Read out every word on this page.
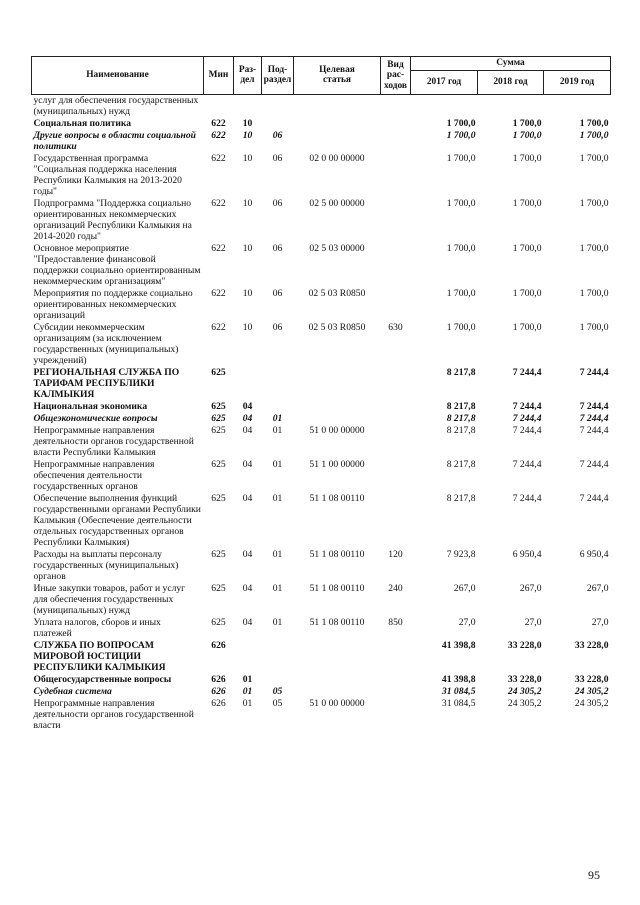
Наименование	Мин	Раз-
дел	Под-
раздел	Целевая
статья	Вид
рас-
ходов	Сумма		
						2017 год	2018 год	2019 год
услуг для обеспечения государственных (муниципальных) нужд								
Социальная политика	622	10				1 700,0	1 700,0	1 700,0
Другие вопросы в области социальной политики	622	10	06			1 700,0	1 700,0	1 700,0
Государственная программа "Социальная поддержка населения Республики Калмыкия на 2013-2020 годы"	622	10	06	02 0 00 00000		1 700,0	1 700,0	1 700,0
Подпрограмма "Поддержка социально ориентированных некоммерческих организаций Республики Калмыкия на 2014-2020 годы"	622	10	06	02 5 00 00000		1 700,0	1 700,0	1 700,0
Основное мероприятие "Предоставление финансовой поддержки социально ориентированным некоммерческим организациям"	622	10	06	02 5 03 00000		1 700,0	1 700,0	1 700,0
Мероприятия по поддержке социально ориентированных некоммерческих организаций	622	10	06	02 5 03 R0850		1 700,0	1 700,0	1 700,0
Субсидии некоммерческим организациям (за исключением государственных (муниципальных) учреждений)	622	10	06	02 5 03 R0850	630	1 700,0	1 700,0	1 700,0
РЕГИОНАЛЬНАЯ СЛУЖБА ПО ТАРИФАМ РЕСПУБЛИКИ КАЛМЫКИЯ	625					8 217,8	7 244,4	7 244,4
Национальная экономика	625	04				8 217,8	7 244,4	7 244,4
Общеэкономические вопросы	625	04	01			8 217,8	7 244,4	7 244,4
Непрограммные направления деятельности органов государственной власти Республики Калмыкия	625	04	01	51 0 00 00000		8 217,8	7 244,4	7 244,4
Непрограммные направления обеспечения деятельности государственных органов	625	04	01	51 1 00 00000		8 217,8	7 244,4	7 244,4
Обеспечение выполнения функций государственными органами Республики Калмыкия (Обеспечение деятельности отдельных государственных органов Республики Калмыкия)	625	04	01	51 1 08 00110		8 217,8	7 244,4	7 244,4
Расходы на выплаты персоналу государственных (муниципальных) органов	625	04	01	51 1 08 00110	120	7 923,8	6 950,4	6 950,4
Иные закупки товаров, работ и услуг для обеспечения государственных (муниципальных) нужд	625	04	01	51 1 08 00110	240	267,0	267,0	267,0
Уплата налогов, сборов и иных платежей	625	04	01	51 1 08 00110	850	27,0	27,0	27,0
СЛУЖБА ПО ВОПРОСАМ МИРОВОЙ ЮСТИЦИИ РЕСПУБЛИКИ КАЛМЫКИЯ	626					41 398,8	33 228,0	33 228,0
Общегосударственные вопросы	626	01				41 398,8	33 228,0	33 228,0
Судебная система	626	01	05			31 084,5	24 305,2	24 305,2
Непрограммные направления деятельности органов государственной власти	626	01	05	51 0 00 00000		31 084,5	24 305,2	24 305,2
95
